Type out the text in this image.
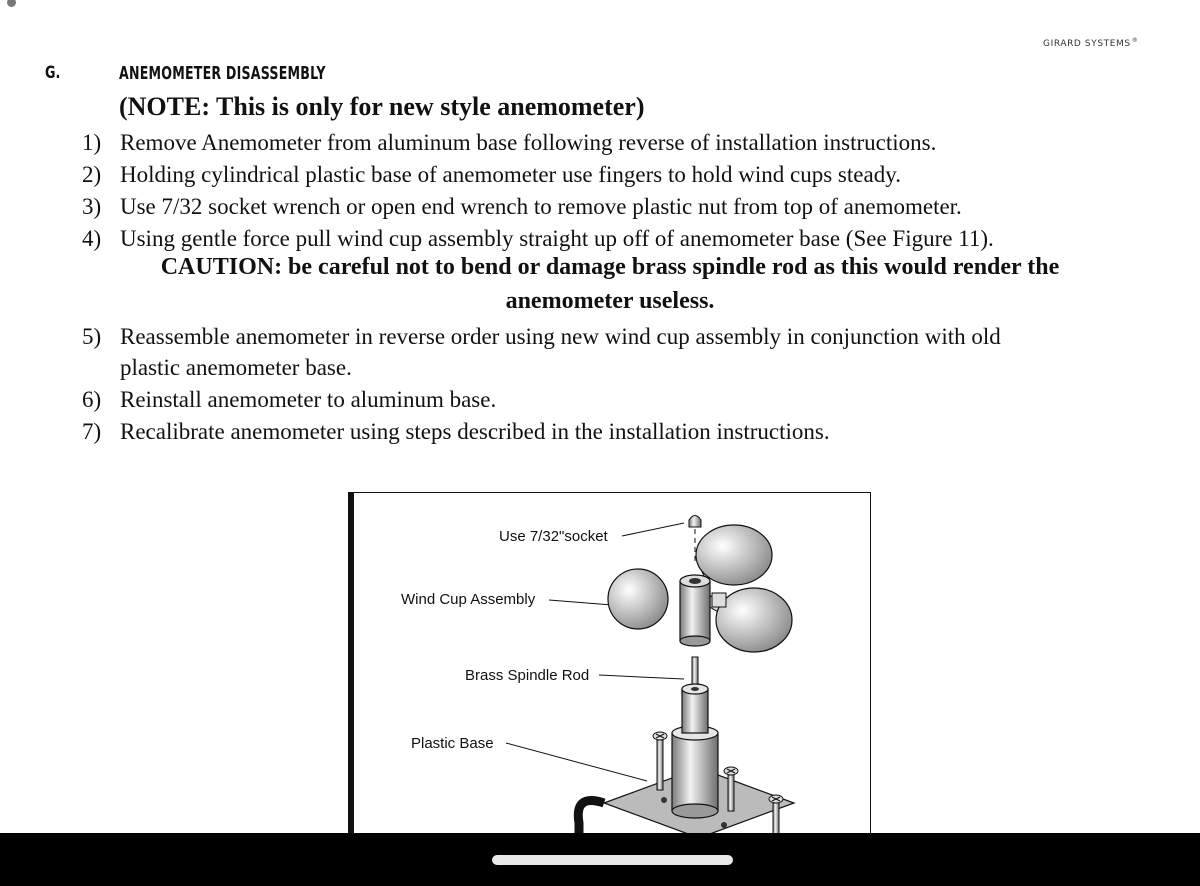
GIRARD SYSTEMS®
G.	ANEMOMETER DISASSEMBLY
(NOTE: This is only for new style anemometer)
1) Remove Anemometer from aluminum base following reverse of installation instructions.
2) Holding cylindrical plastic base of anemometer use fingers to hold wind cups steady.
3) Use 7/32 socket wrench or open end wrench to remove plastic nut from top of anemometer.
4) Using gentle force pull wind cup assembly straight up off of anemometer base (See Figure 11).
CAUTION: be careful not to bend or damage brass spindle rod as this would render the
anemometer useless.
5) Reassemble anemometer in reverse order using new wind cup assembly in conjunction with old
plastic anemometer base.
6) Reinstall anemometer to aluminum base.
7) Recalibrate anemometer using steps described in the installation instructions.
Use 7/32"socket
Wind Cup Assembly
Brass Spindle Rod
Plastic Base
